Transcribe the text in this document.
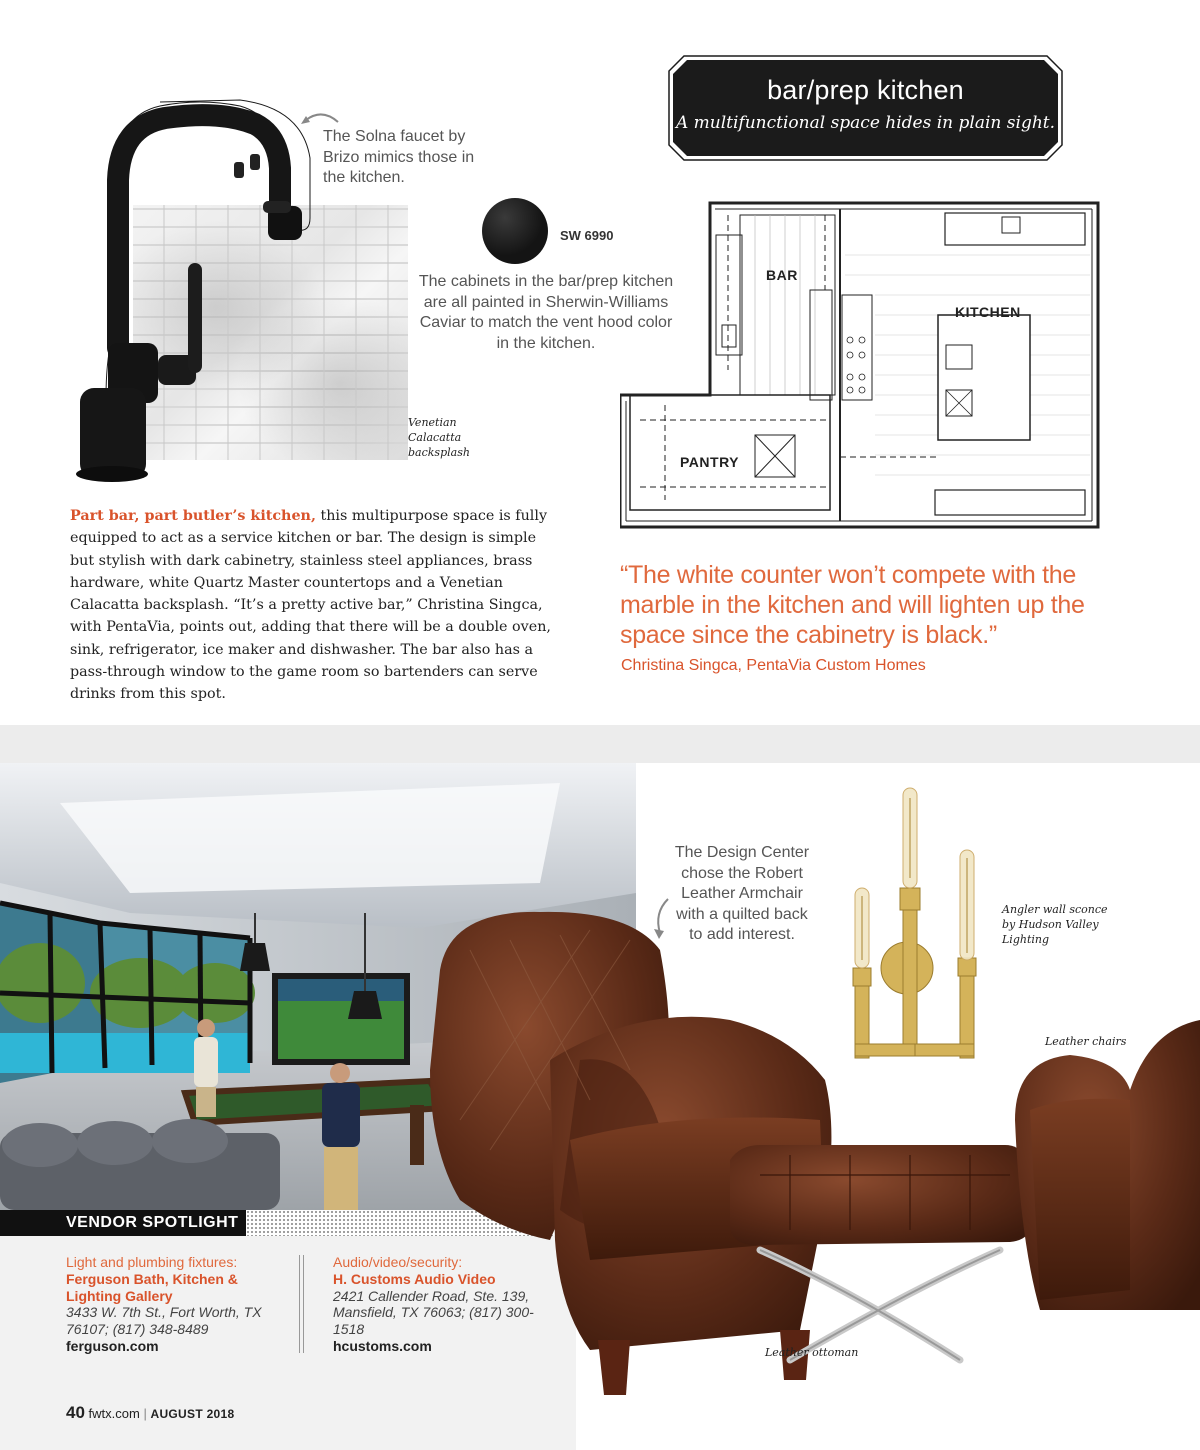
bar/prep kitchen
A multifunctional space hides in plain sight.
The Solna faucet by Brizo mimics those in the kitchen.
Venetian Calacatta backsplash
SW 6990
The cabinets in the bar/prep kitchen are all painted in Sherwin-Williams Caviar to match the vent hood color in the kitchen.
BAR
KITCHEN
PANTRY
Part bar, part butler’s kitchen, this multipurpose space is fully equipped to act as a service kitchen or bar. The design is simple but stylish with dark cabinetry, stainless steel appliances, brass hardware, white Quartz Master countertops and a Venetian Calacatta backsplash. “It’s a pretty active bar,” Christina Singca, with PentaVia, points out, adding that there will be a double oven, sink, refrigerator, ice maker and dishwasher. The bar also has a pass-through window to the game room so bartenders can serve drinks from this spot.
“The white counter won’t compete with the marble in the kitchen and will lighten up the space since the cabinetry is black.”
Christina Singca, PentaVia Custom Homes
VENDOR SPOTLIGHT
Light and plumbing fixtures:
Ferguson Bath, Kitchen & Lighting Gallery
3433 W. 7th St., Fort Worth, TX 76107; (817) 348-8489
ferguson.com
Audio/video/security:
H. Customs Audio Video
2421 Callender Road, Ste. 139, Mansfield, TX 76063; (817) 300-1518
hcustoms.com
The Design Center chose the Robert Leather Armchair with a quilted back to add interest.
Angler wall sconce by Hudson Valley Lighting
Leather chairs
Leather ottoman
40 fwtx.com | AUGUST 2018
